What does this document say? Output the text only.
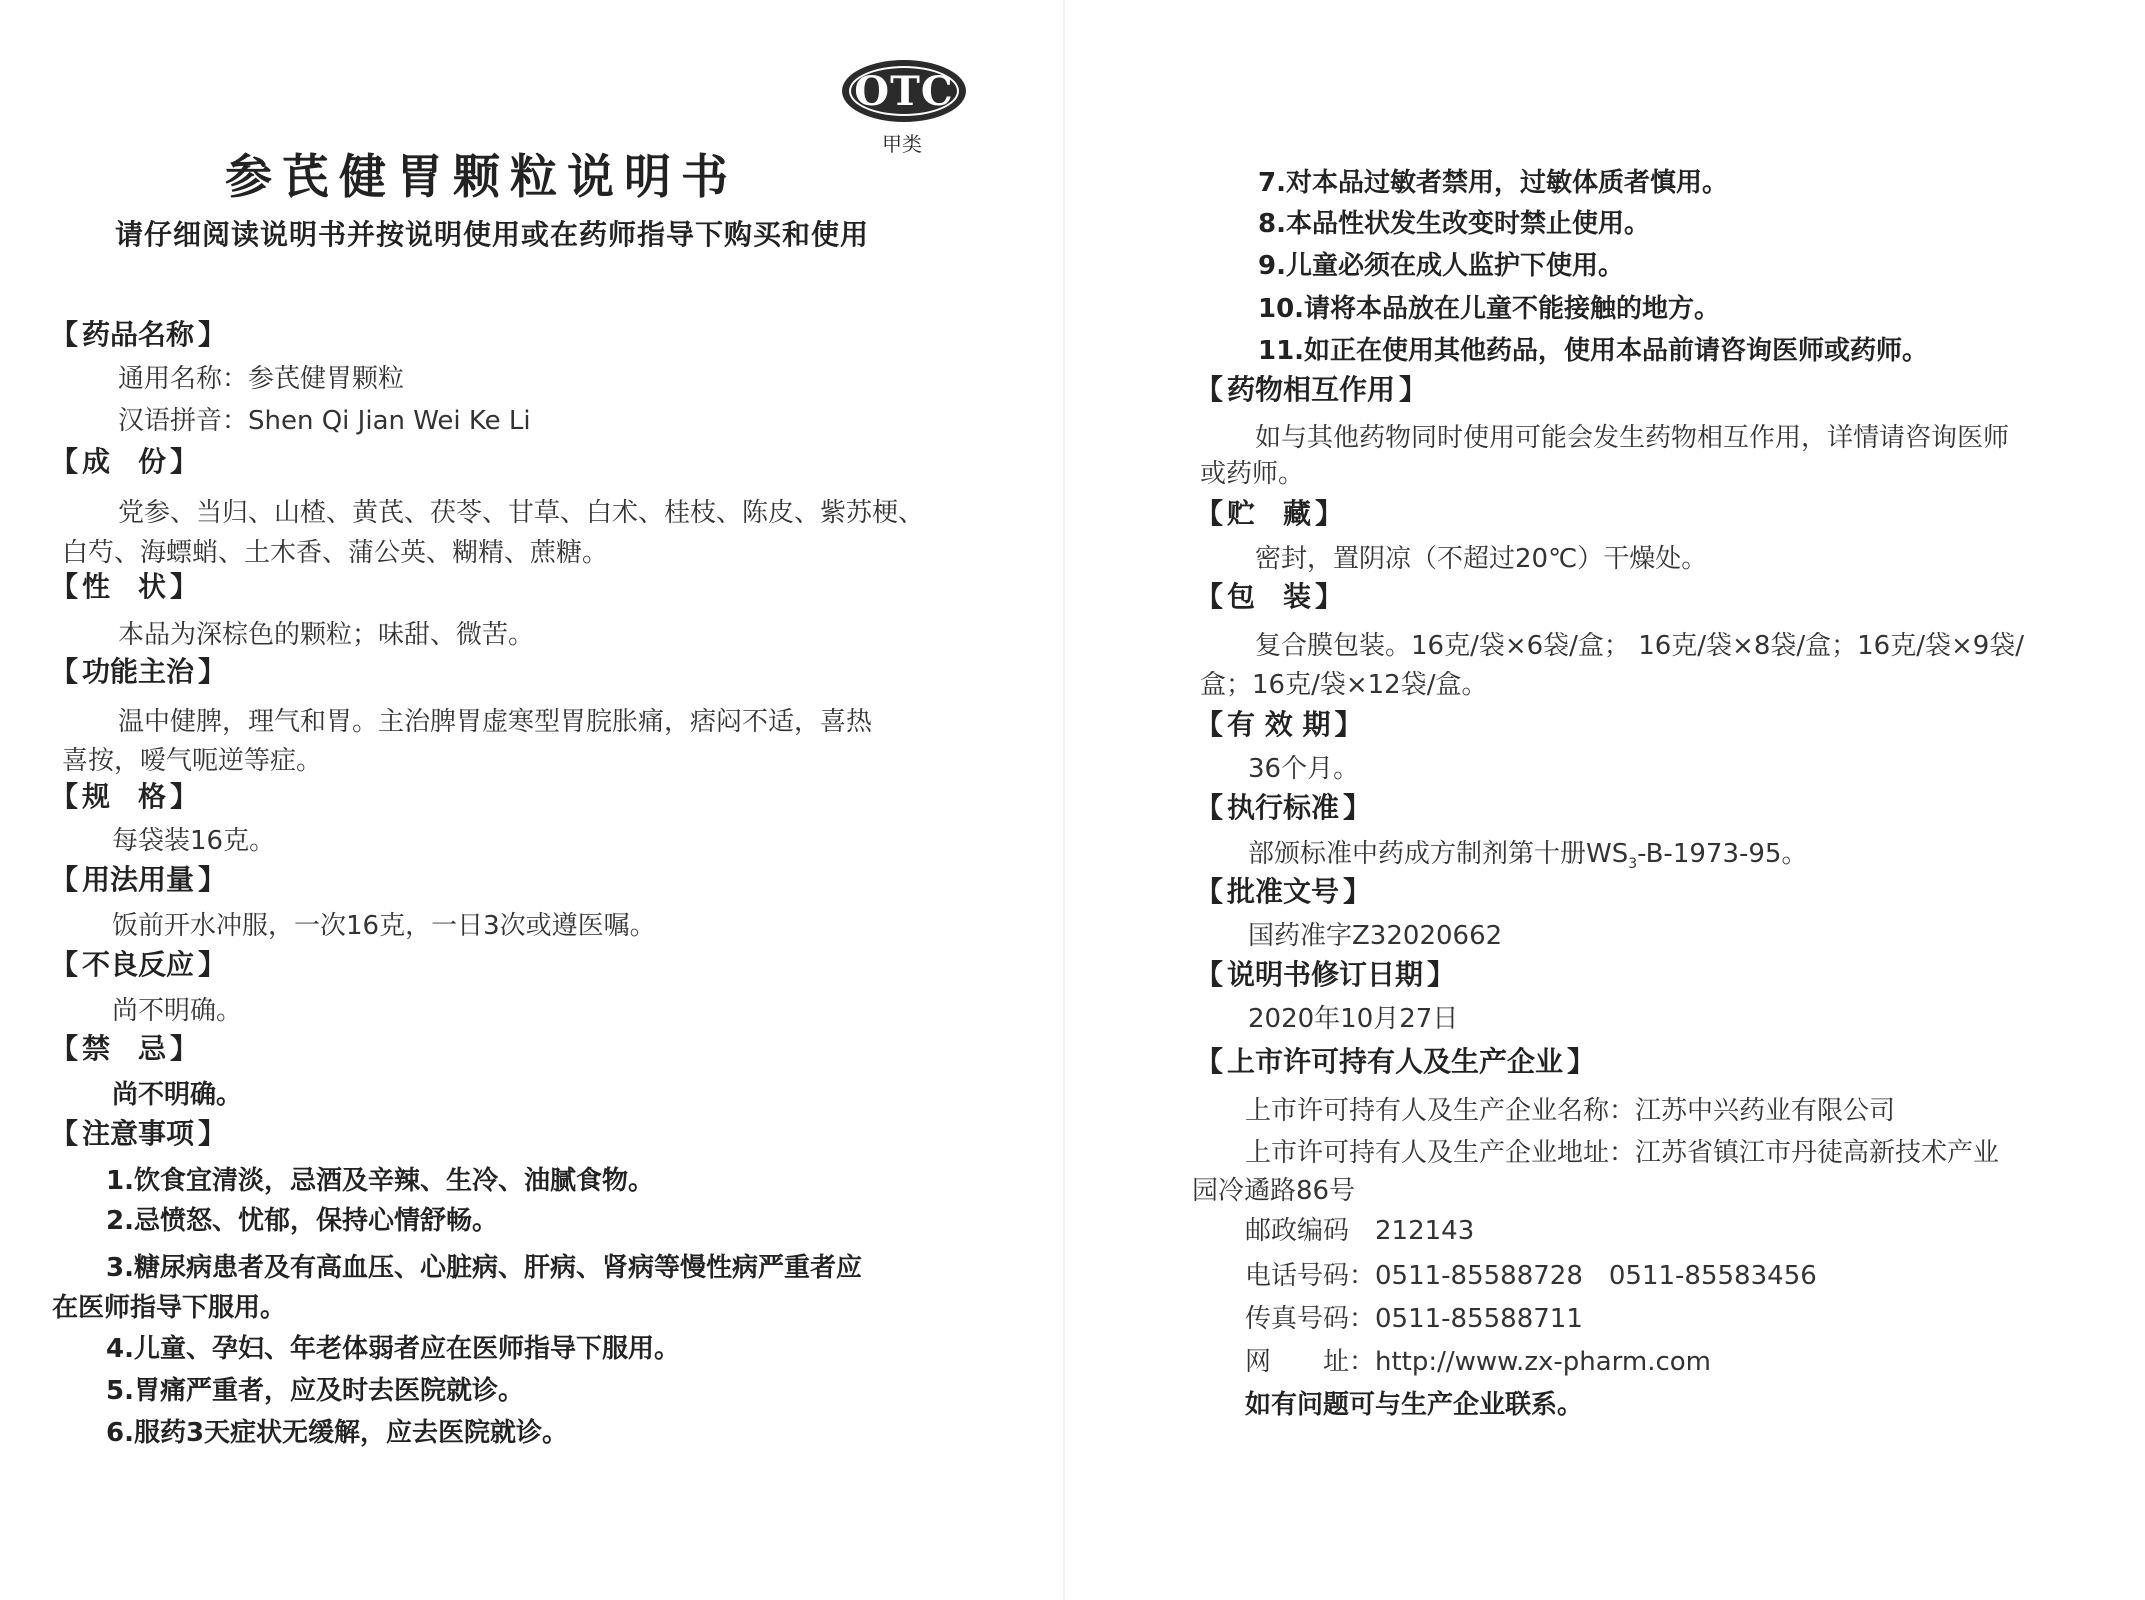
OTC
甲类
参芪健胃颗粒说明书
请仔细阅读说明书并按说明使用或在药师指导下购买和使用
【 药品名称 】
通用名称：参芪健胃颗粒
汉语拼音：Shen Qi Jian Wei Ke Li
【 成　份 】
党参、当归、山楂、黄芪、茯苓、甘草、白术、桂枝、陈皮、紫苏梗、
白芍、海螵蛸、土木香、蒲公英、糊精、蔗糖。
【 性　状 】
本品为深棕色的颗粒；味甜、微苦。
【 功能主治 】
温中健脾，理气和胃。主治脾胃虚寒型胃脘胀痛，痞闷不适，喜热
喜按，嗳气呃逆等症。
【 规　格 】
每袋装16克。
【 用法用量 】
饭前开水冲服，一次16克，一日3次或遵医嘱。
【 不良反应 】
尚不明确。
【 禁　忌 】
尚不明确。
【 注意事项 】
1.饮食宜清淡，忌酒及辛辣、生冷、油腻食物。
2.忌愤怒、忧郁，保持心情舒畅。
3.糖尿病患者及有高血压、心脏病、肝病、肾病等慢性病严重者应
在医师指导下服用。
4.儿童、孕妇、年老体弱者应在医师指导下服用。
5.胃痛严重者，应及时去医院就诊。
6.服药3天症状无缓解，应去医院就诊。
7.对本品过敏者禁用，过敏体质者慎用。
8.本品性状发生改变时禁止使用。
9.儿童必须在成人监护下使用。
10.请将本品放在儿童不能接触的地方。
11.如正在使用其他药品，使用本品前请咨询医师或药师。
【 药物相互作用 】
如与其他药物同时使用可能会发生药物相互作用，详情请咨询医师
或药师。
【 贮　藏 】
密封，置阴凉（不超过20℃）干燥处。
【 包　装 】
复合膜包装。16克/袋×6袋/盒； 16克/袋×8袋/盒；16克/袋×9袋/
盒；16克/袋×12袋/盒。
【 有 效 期 】
36个月。
【 执行标准 】
部颁标准中药成方制剂第十册$WS_3-B-1973-95$。
【 批准文号 】
国药准字Z32020662
【 说明书修订日期 】
2020年10月27日
【 上市许可持有人及生产企业 】
上市许可持有人及生产企业名称：江苏中兴药业有限公司
上市许可持有人及生产企业地址：江苏省镇江市丹徒高新技术产业
园冷遹路86号
邮政编码　212143
电话号码：0511-85588728　0511-85583456
传真号码：0511-85588711
网　　址：http://www.zx-pharm.com
如有问题可与生产企业联系。
